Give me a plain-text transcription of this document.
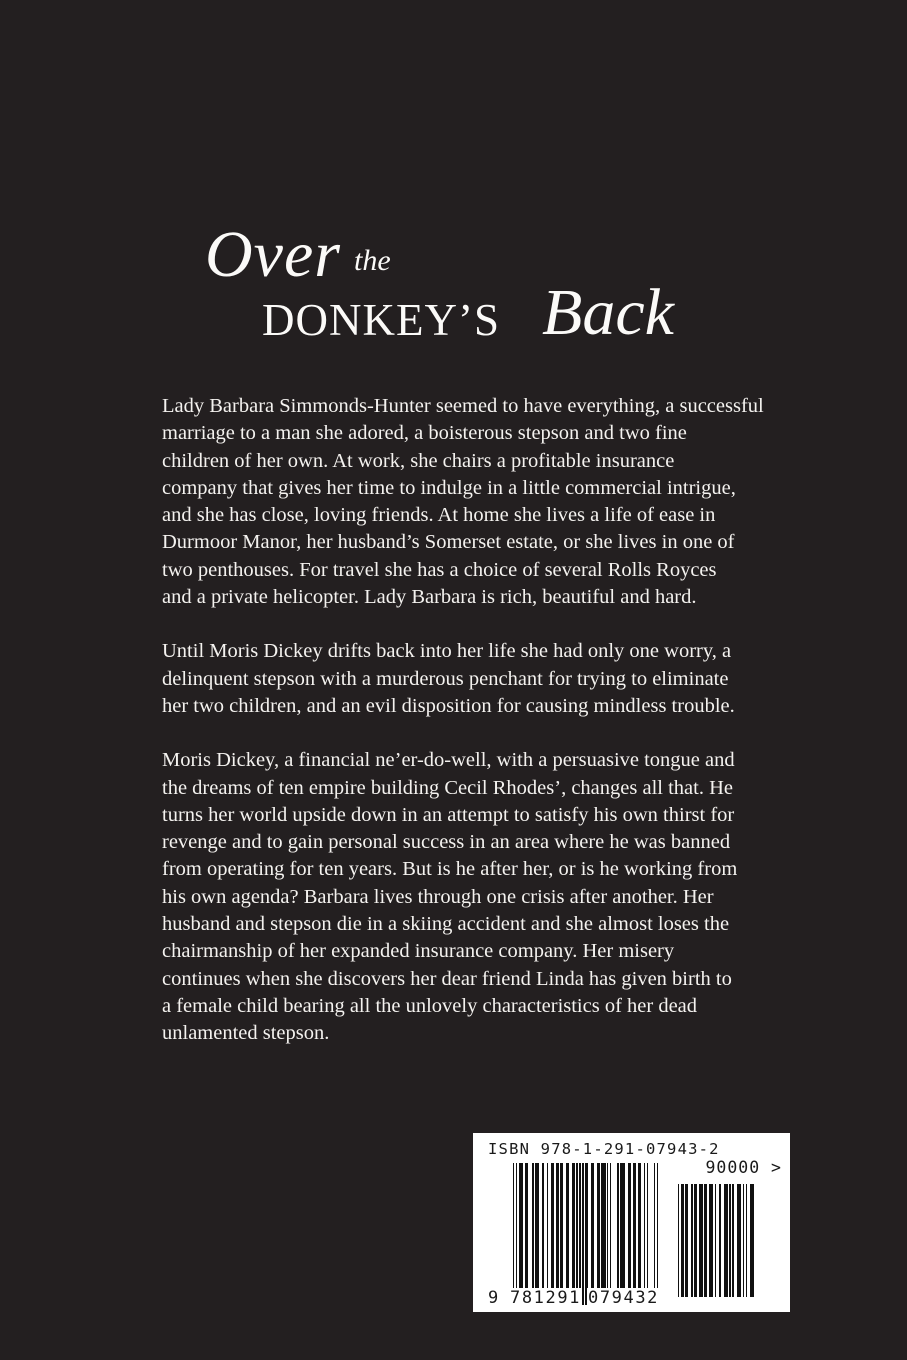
Over the
DONKEY’S Back

Lady Barbara Simmonds-Hunter seemed to have everything, a successful
marriage to a man she adored, a boisterous stepson and two fine
children of her own. At work, she chairs a profitable insurance
company that gives her time to indulge in a little commercial intrigue,
and she has close, loving friends. At home she lives a life of ease in
Durmoor Manor, her husband’s Somerset estate, or she lives in one of
two penthouses. For travel she has a choice of several Rolls Royces
and a private helicopter. Lady Barbara is rich, beautiful and hard.

Until Moris Dickey drifts back into her life she had only one worry, a
delinquent stepson with a murderous penchant for trying to eliminate
her two children, and an evil disposition for causing mindless trouble.

Moris Dickey, a financial ne’er-do-well, with a persuasive tongue and
the dreams of ten empire building Cecil Rhodes’, changes all that. He
turns her world upside down in an attempt to satisfy his own thirst for
revenge and to gain personal success in an area where he was banned
from operating for ten years. But is he after her, or is he working from
his own agenda? Barbara lives through one crisis after another. Her
husband and stepson die in a skiing accident and she almost loses the
chairmanship of her expanded insurance company. Her misery
continues when she discovers her dear friend Linda has given birth to
a female child bearing all the unlovely characteristics of her dead
unlamented stepson.

ISBN 978-1-291-07943-2
90000 >
9 781291 079432
